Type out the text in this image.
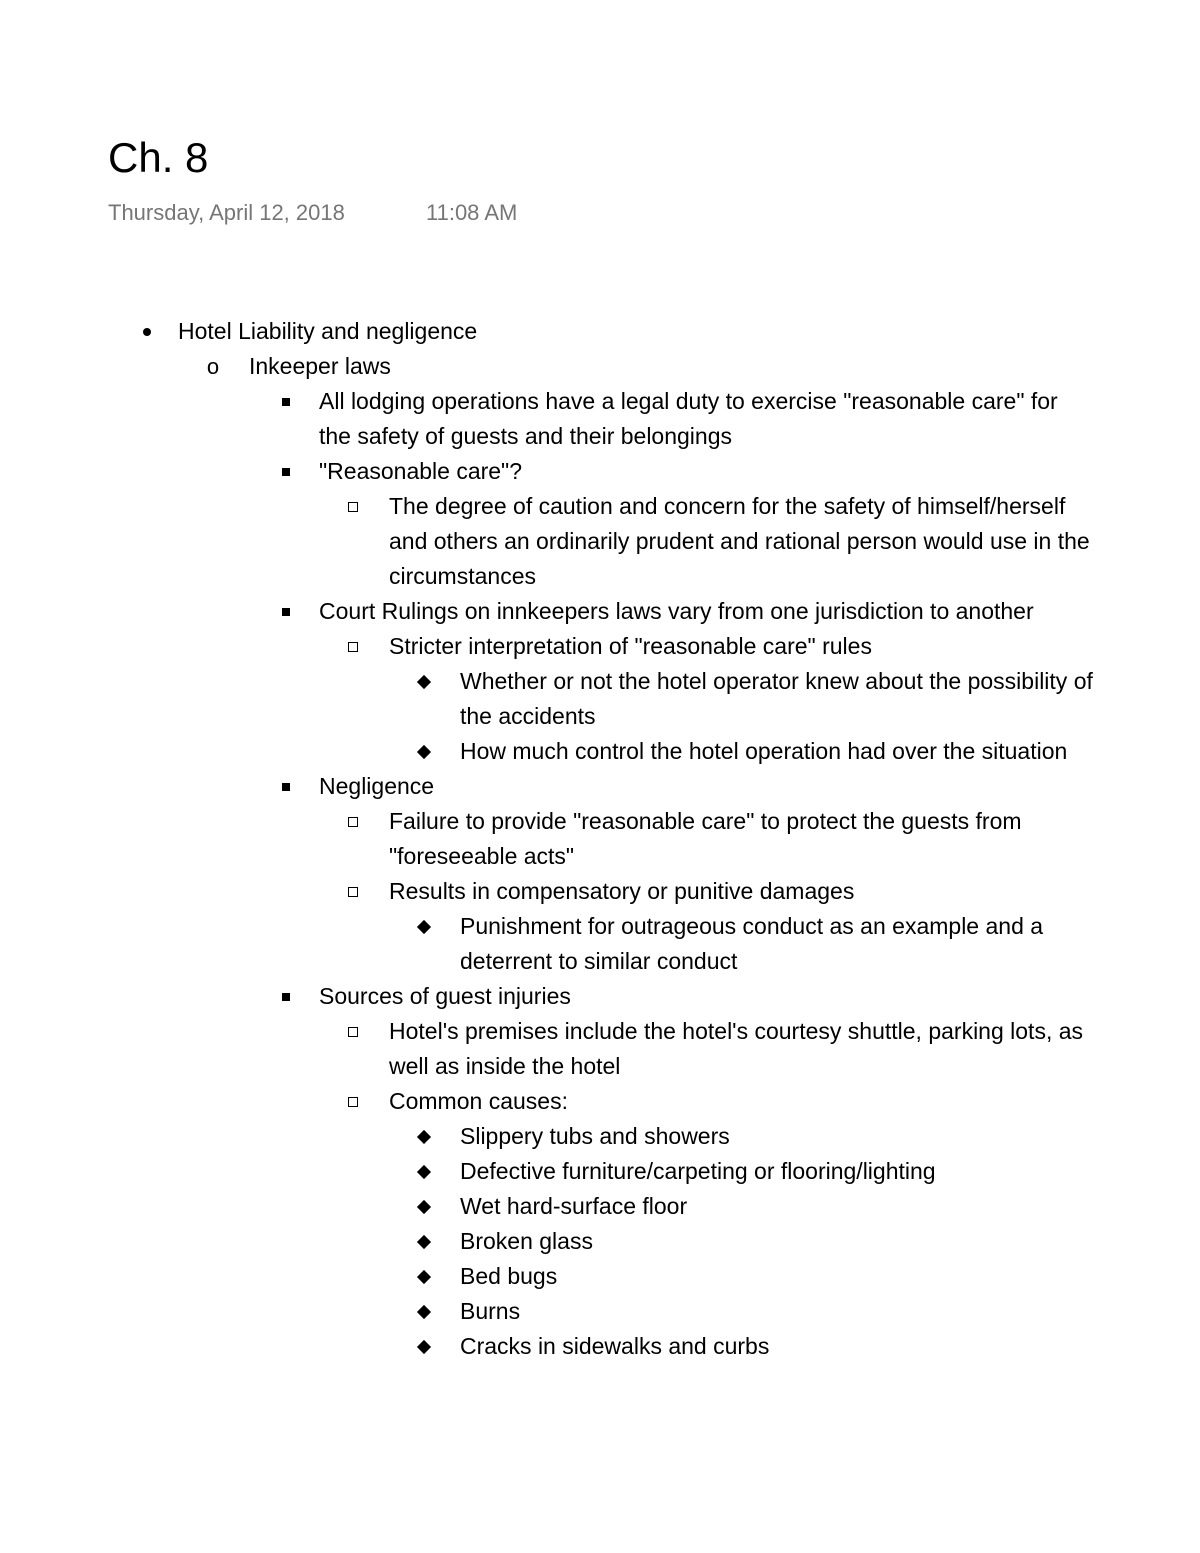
Ch. 8
Thursday, April 12, 2018	11:08 AM
Hotel Liability and negligence
o Inkeeper laws
All lodging operations have a legal duty to exercise "reasonable care" for the safety of guests and their belongings
"Reasonable care"?
The degree of caution and concern for the safety of himself/herself and others an ordinarily prudent and rational person would use in the circumstances
Court Rulings on innkeepers laws vary from one jurisdiction to another
Stricter interpretation of "reasonable care" rules
Whether or not the hotel operator knew about the possibility of the accidents
How much control the hotel operation had over the situation
Negligence
Failure to provide "reasonable care" to protect the guests from "foreseeable acts"
Results in compensatory or punitive damages
Punishment for outrageous conduct as an example and a deterrent to similar conduct
Sources of guest injuries
Hotel's premises include the hotel's courtesy shuttle, parking lots, as well as inside the hotel
Common causes:
Slippery tubs and showers
Defective furniture/carpeting or flooring/lighting
Wet hard-surface floor
Broken glass
Bed bugs
Burns
Cracks in sidewalks and curbs
